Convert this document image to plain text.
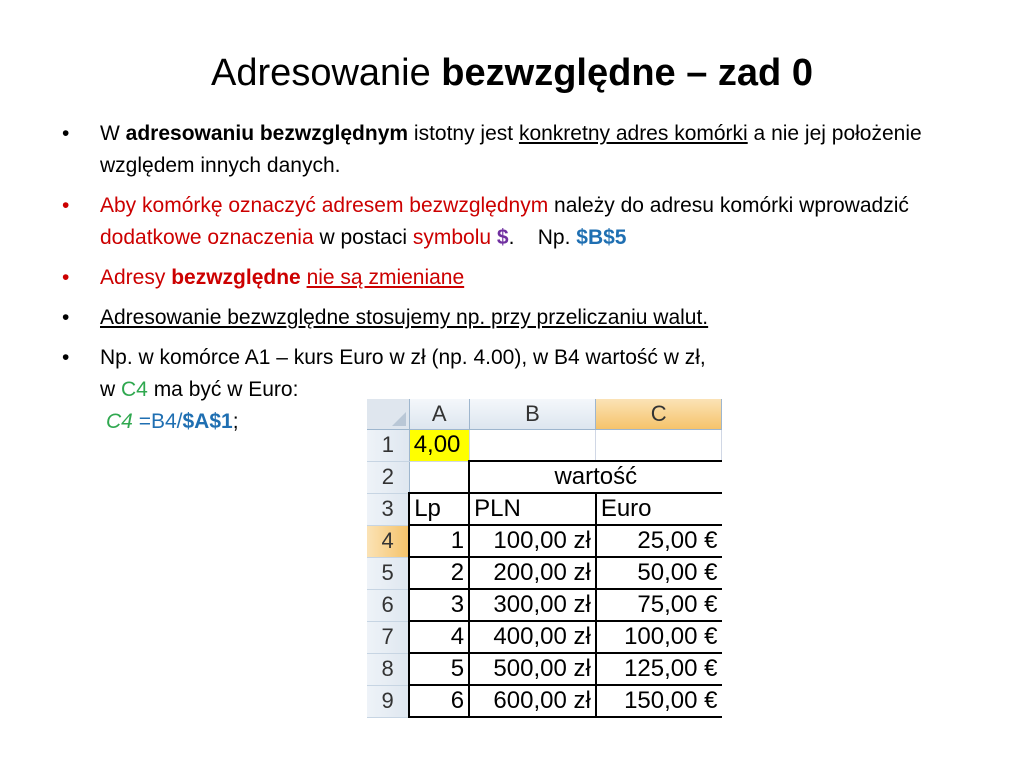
Adresowanie bezwzględne – zad 0
•	W adresowaniu bezwzględnym istotny jest konkretny adres komórki a nie jej położenie względem innych danych.
•	Aby komórkę oznaczyć adresem bezwzględnym należy do adresu komórki wprowadzić dodatkowe oznaczenia w postaci symbolu $.    Np. $B$5
•	Adresy bezwzględne nie są zmieniane
•	Adresowanie bezwzględne stosujemy np. przy przeliczaniu walut.
•	Np. w komórce A1 – kurs Euro w zł (np. 4.00), w B4 wartość w zł,
w C4 ma być w Euro:
C4 =B4/$A$1;
		A	B	C
1	4,00		
2		wartość	
3	Lp	PLN	Euro
4	1	100,00 zł	25,00 €
5	2	200,00 zł	50,00 €
6	3	300,00 zł	75,00 €
7	4	400,00 zł	100,00 €
8	5	500,00 zł	125,00 €
9	6	600,00 zł	150,00 €
